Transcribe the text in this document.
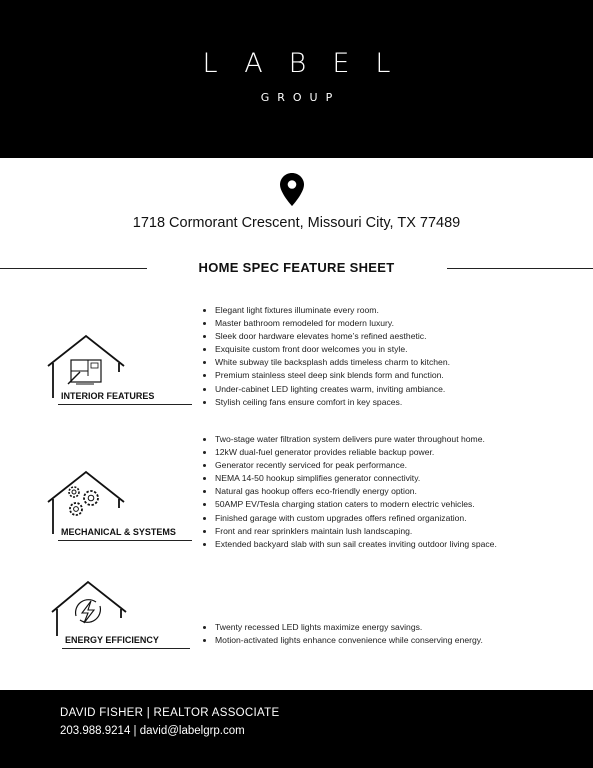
LABEL
GROUP
1718 Cormorant Crescent, Missouri City, TX 77489
HOME SPEC FEATURE SHEET
INTERIOR FEATURES
Elegant light fixtures illuminate every room.
Master bathroom remodeled for modern luxury.
Sleek door hardware elevates home’s refined aesthetic.
Exquisite custom front door welcomes you in style.
White subway tile backsplash adds timeless charm to kitchen.
Premium stainless steel deep sink blends form and function.
Under-cabinet LED lighting creates warm, inviting ambiance.
Stylish ceiling fans ensure comfort in key spaces.
MECHANICAL & SYSTEMS
Two-stage water filtration system delivers pure water throughout home.
12kW dual-fuel generator provides reliable backup power.
Generator recently serviced for peak performance.
NEMA 14-50 hookup simplifies generator connectivity.
Natural gas hookup offers eco-friendly energy option.
50AMP EV/Tesla charging station caters to modern electric vehicles.
Finished garage with custom upgrades offers refined organization.
Front and rear sprinklers maintain lush landscaping.
Extended backyard slab with sun sail creates inviting outdoor living space.
ENERGY EFFICIENCY
Twenty recessed LED lights maximize energy savings.
Motion-activated lights enhance convenience while conserving energy.
DAVID FISHER | REALTOR ASSOCIATE
203.988.9214 | david@labelgrp.com
